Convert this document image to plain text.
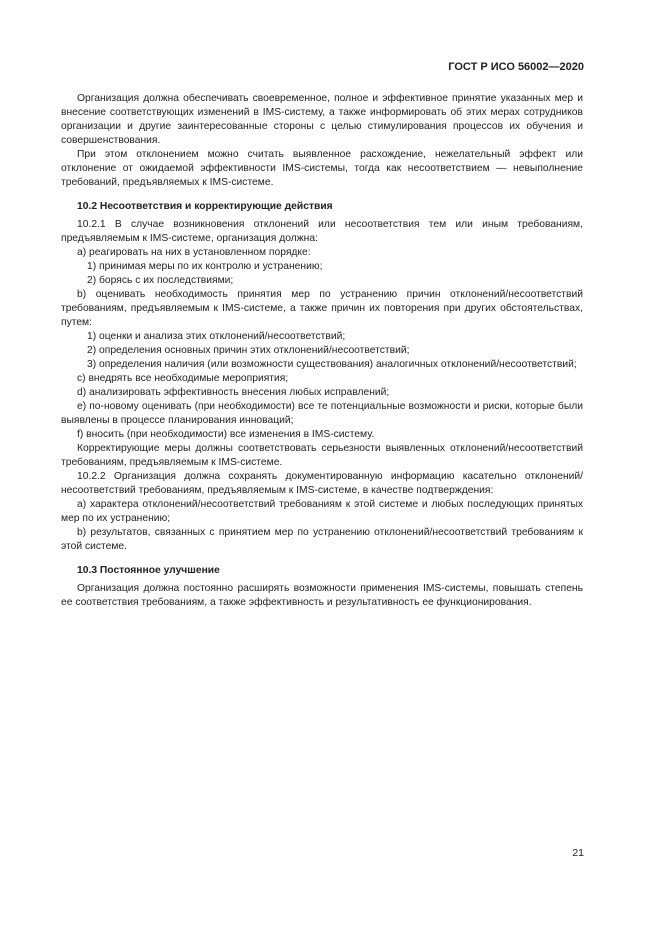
ГОСТ Р ИСО 56002—2020

Организация должна обеспечивать своевременное, полное и эффективное принятие указанных мер и внесение соответствующих изменений в IMS-систему, а также информировать об этих мерах сотрудников организации и другие заинтересованные стороны с целью стимулирования процессов их обучения и совершенствования.

При этом отклонением можно считать выявленное расхождение, нежелательный эффект или отклонение от ожидаемой эффективности IMS-системы, тогда как несоответствием — невыполнение требований, предъявляемых к IMS-системе.

10.2 Несоответствия и корректирующие действия

10.2.1 В случае возникновения отклонений или несоответствия тем или иным требованиям, предъявляемым к IMS-системе, организация должна:

a) реагировать на них в установленном порядке:

1) принимая меры по их контролю и устранению;

2) борясь с их последствиями;

b) оценивать необходимость принятия мер по устранению причин отклонений/несоответствий требованиям, предъявляемым к IMS-системе, а также причин их повторения при других обстоятельствах, путем:

1) оценки и анализа этих отклонений/несоответствий;

2) определения основных причин этих отклонений/несоответствий;

3) определения наличия (или возможности существования) аналогичных отклонений/несоответствий;

c) внедрять все необходимые мероприятия;

d) анализировать эффективность внесения любых исправлений;

e) по-новому оценивать (при необходимости) все те потенциальные возможности и риски, которые были выявлены в процессе планирования инноваций;

f) вносить (при необходимости) все изменения в IMS-систему.

Корректирующие меры должны соответствовать серьезности выявленных отклонений/несоответствий требованиям, предъявляемым к IMS-системе.

10.2.2 Организация должна сохранять документированную информацию касательно отклонений/несоответствий требованиям, предъявляемым к IMS-системе, в качестве подтверждения:

a) характера отклонений/несоответствий требованиям к этой системе и любых последующих принятых мер по их устранению;

b) результатов, связанных с принятием мер по устранению отклонений/несоответствий требованиям к этой системе.

10.3 Постоянное улучшение

Организация должна постоянно расширять возможности применения IMS-системы, повышать степень ее соответствия требованиям, а также эффективность и результативность ее функционирования.

21
